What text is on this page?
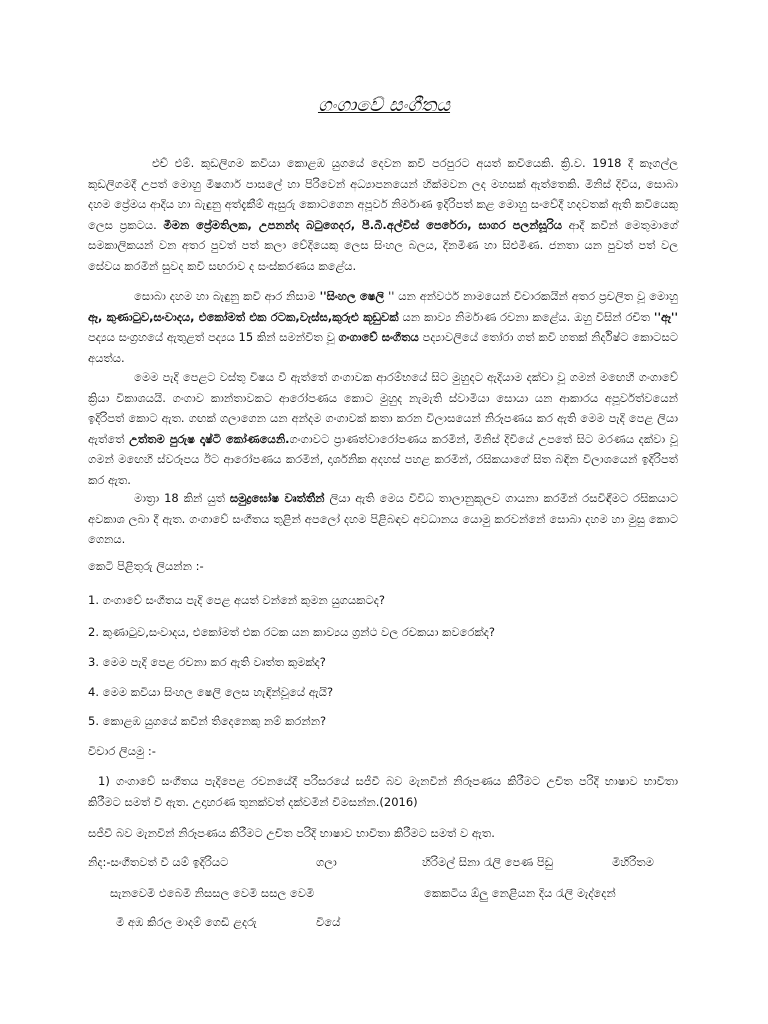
ගංගාවේ සංගීතය

එච් එම්. කුඩලිගම කවියා කොළඹ යුගයේ දෙවන කවි පරපුරට අයත් කවියෙකි. ක්‍රි.ව. 1918 දී කෑගල්ල කුඩලිගමදී උපත් මොහු මීෂගාර් පාසලේ හා පිරිවෙන් අධ්‍යාපනයෙන් හික්මවන ලද මහසක් ඇත්තෙකි. මිනිස් දිවිය, සොබා දහම ප්‍රේමය ආදිය හා බැඳුනු අත්දැකීම් ඇසුරු කොටගෙන අපූර්ව නිර්මාණ ඉදිරිපත් කළ මොහු සංවේදී හදවතක් ඇති කවියෙකු ලෙස ප්‍රකටය. මීමන ප්‍රේමතිලක, උපනන්ද බටුගෙදර, පී.බී.අල්විස් පෙරේරා, සාගර පලන්සූරිය ආදී කවීන් මෙතුමාගේ සමකාලිකයන් වන අතර පුවත් පත් කලා වේදියෙකු ලෙස සිංහල බලය, දිනමිණ හා සිළුමිණ. ජනතා යන පුවත් පත් වල සේවය කරමින් සුවද කවි සඟරාව ද සංස්කරණය කළේය.

සොබා දහම හා බැඳුනු කවි ආර නිසාම ''සිංහල ෂෙලි '' යන අන්වර්ථ නාමයෙන් විචාරකයින් අතර ප්‍රචලිත වූ මොහු ඈ, කුණාටුව,සංවාදය, එකෝමත් එක රටක,වැස්ස,කුරුළු කූඩුවක් යන කාව්‍ය නිර්මාණ රචනා කළේය. ඔහු විසින් රචිත ''ඈ'' පද්‍යය සංග්‍රහයේ ඇතුළත් පද්‍යය 15 කින් සමන්විත වූ ගංගාවේ සංගීතය පද්‍යාවලියේ තෝරා ගත් කවි හතක් නිර්දිෂ්ට කොටසට අයත්ය.

මෙම පැදි පෙළට වස්තු විෂය වී ඇත්තේ ගංගාවක ආරම්භයේ සිට මුහුදට ඇදියාම දක්වා වූ ගමන් මඟෙහි ගංගාවේ ක්‍රියා විකාශයයි. ගංගාව කාන්තාවකට ආරෝපණය කොට මුහුද නැමැති ස්වාමියා සොයා යන ආකාරය අපූර්වත්වයෙන් ඉදිරිපත් කොට ඇත. ගඟක් ගලාගෙන යන අන්දම ගංගාවක් කතා කරන විලාසයෙන් නිරූපණය කර ඇති මෙම පැදි පෙළ ලියා ඇත්තේ උත්තම පුරුෂ දෘෂ්ටි කෝණයෙනි.ගංගාවට ප්‍රාණත්වාරෝපණය කරමින්, මිනිස් දිවියේ උපතේ සිට මරණය දක්වා වූ ගමන් මඟෙහි ස්වරූපය ඊට ආරෝපණය කරමින්, දාර්ශනික අදහස් පහළ කරමින්, රසිකයාගේ සිත බඳින විලාශයෙන් ඉදිරිපත් කර ඇත.

මාත්‍රා 18 කින් යුත් සමුද්‍රඝෝෂ වෘත්තීන් ලියා ඇති මෙය විවිධ තාලානුකූලව ගායනා කරමින් රසවිඳීමට රසිකයාට අවකාශ ලබා දී ඇත. ගංගාවේ සංගීතය තුළින් අපලෝ දහම පිළිබඳව අවධානය යොමු කරවන්නේ සොබා දහම හා මුසු කොට ගෙනය.

කෙටි පිළිතුරු ලියන්න :-
1. ගංගාවේ සංගීතය පැදි පෙළ අයත් වන්නේ කුමන යුගයකටද?
2. කුණාටුව,සංවාදය, එකෝමත් එක රටක යන කාව්‍යය ග්‍රන්ථ වල රචකයා කවරෙක්ද?
3. මෙම පැදි පෙළ රචනා කර ඇති වෘත්ත කුමක්ද?
4. මෙම කවියා සිංහල ෂෙලි ලෙස හැඳින්වූයේ ඇයි?
5. කොළඹ යුගයේ කවීන් තිදෙනෙකු නම් කරන්න?
විචාර ලියමු :-

1) ගංගාවේ සංගීතය පැදිපෙළ රචනයේදී පරිසරයේ සජීවී බව මැනවින් නිරූපණය කිරීමට උචිත පරිදි භාෂාව භාවිතා කිරීමට සමත් වී ඇත. උදාහරණ තුනක්වත් දක්වමින් විමසන්න.(2016)

සජීවී බව මැනවින් නිරූපණය කිරීමට උචිත පරිදි භාෂාව භාවිතා කිරීමට සමත් ව ඇත.
නිද:-සංගීතවත් වී යම් ඉදිරියට	ගලා	හිරිමල් සිනා රැලි පෙණ පිඩු	මිහිරිතම
සැනවෙමි එබෙමි නිසසල වෙමි සසල වෙමි	කෙකටිය ඕලු නෙළියන දිය රැලි මැද්දෙන්
මී අඹ කිරල මාදම් ගෙඩි ළදරු	වියේ
